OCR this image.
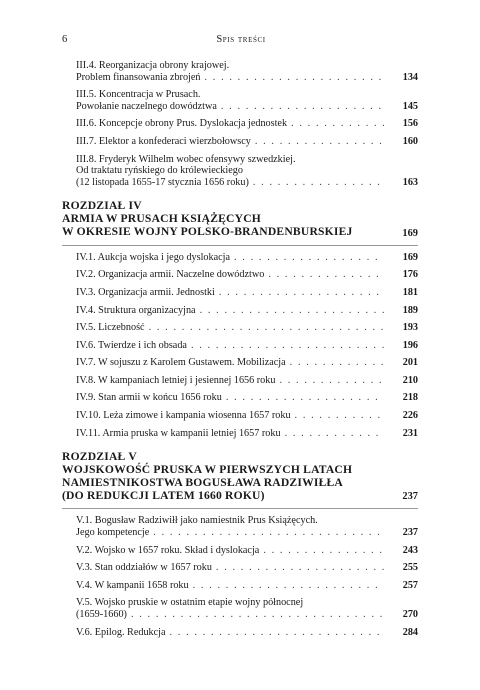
6	Spis treści
III.4. Reorganizacja obrony krajowej.
Problem finansowania zbrojeń . . .	134
III.5. Koncentracja w Prusach.
Powołanie naczelnego dowództwa . . .	145
III.6. Koncepcje obrony Prus. Dyslokacja jednostek . . .	156
III.7. Elektor a konfederaci wierzbołowscy . . .	160
III.8. Fryderyk Wilhelm wobec ofensywy szwedzkiej.
Od traktatu ryńskiego do królewieckiego
(12 listopada 1655-17 stycznia 1656 roku) . . .	163
ROZDZIAŁ IV
ARMIA W PRUSACH KSIĄŻĘCYCH
W OKRESIE WOJNY POLSKO-BRANDENBURSKIEJ	169
IV.1. Aukcja wojska i jego dyslokacja . . .	169
IV.2. Organizacja armii. Naczelne dowództwo . . .	176
IV.3. Organizacja armii. Jednostki . . .	181
IV.4. Struktura organizacyjna . . .	189
IV.5. Liczebność . . .	193
IV.6. Twierdze i ich obsada . . .	196
IV.7. W sojuszu z Karolem Gustawem. Mobilizacja . . .	201
IV.8. W kampaniach letniej i jesiennej 1656 roku . . .	210
IV.9. Stan armii w końcu 1656 roku . . .	218
IV.10. Leża zimowe i kampania wiosenna 1657 roku . . .	226
IV.11. Armia pruska w kampanii letniej 1657 roku . . .	231
ROZDZIAŁ V
WOJSKOWOŚĆ PRUSKA W PIERWSZYCH LATACH
NAMIESTNIKOSTWA BOGUSŁAWA RADZIWIŁŁA
(DO REDUKCJI LATEM 1660 ROKU)	237
V.1. Bogusław Radziwiłł jako namiestnik Prus Książęcych.
Jego kompetencje . . .	237
V.2. Wojsko w 1657 roku. Skład i dyslokacja . . .	243
V.3. Stan oddziałów w 1657 roku . . .	255
V.4. W kampanii 1658 roku . . .	257
V.5. Wojsko pruskie w ostatnim etapie wojny północnej
(1659-1660) . . .	270
V.6. Epilog. Redukcja . . .	284
